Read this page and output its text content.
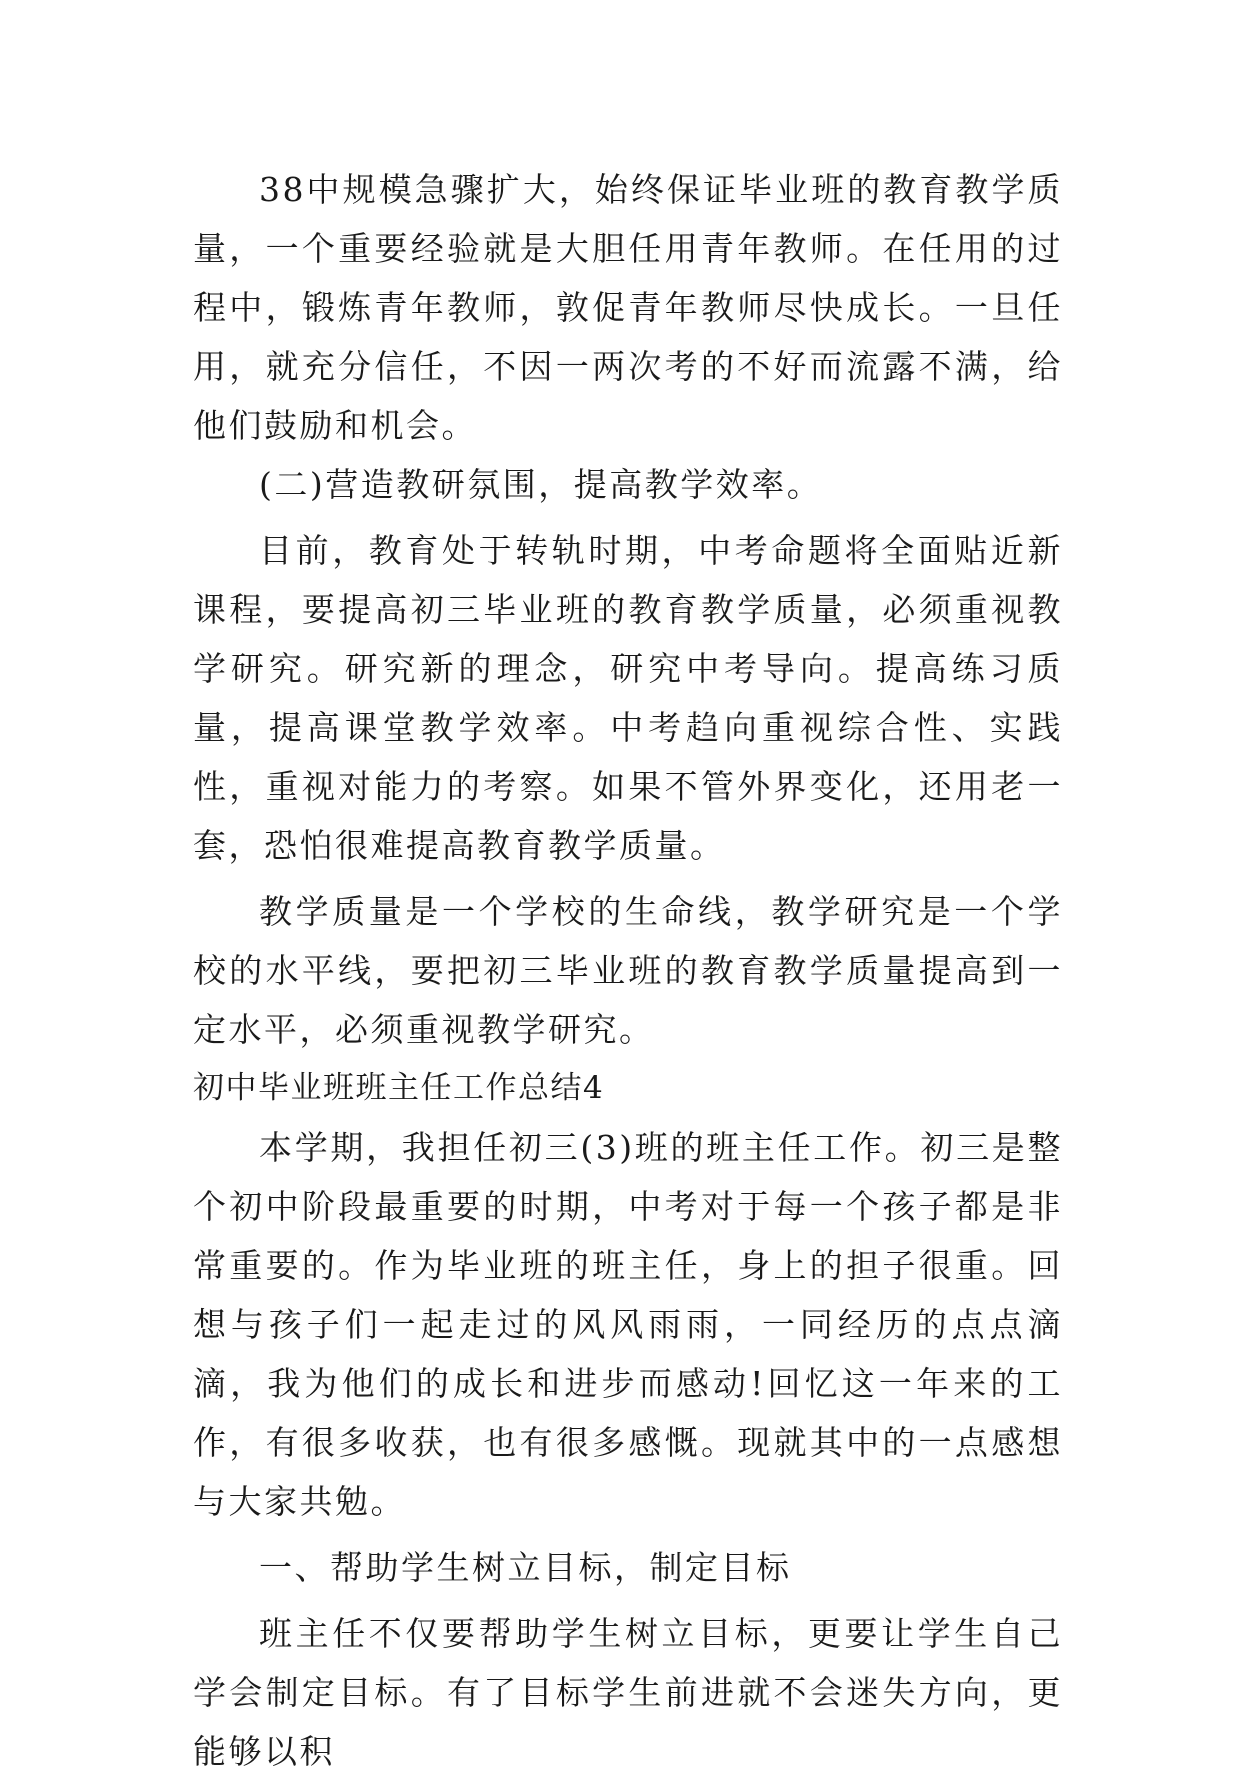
38中规模急骤扩大，始终保证毕业班的教育教学质量，一个重要经验就是大胆任用青年教师。在任用的过程中，锻炼青年教师，敦促青年教师尽快成长。一旦任用，就充分信任，不因一两次考的不好而流露不满，给他们鼓励和机会。

(二)营造教研氛围，提高教学效率。

目前，教育处于转轨时期，中考命题将全面贴近新课程，要提高初三毕业班的教育教学质量，必须重视教学研究。研究新的理念，研究中考导向。提高练习质量，提高课堂教学效率。中考趋向重视综合性、实践性，重视对能力的考察。如果不管外界变化，还用老一套，恐怕很难提高教育教学质量。

教学质量是一个学校的生命线，教学研究是一个学校的水平线，要把初三毕业班的教育教学质量提高到一定水平，必须重视教学研究。

初中毕业班班主任工作总结4

本学期，我担任初三(3)班的班主任工作。初三是整个初中阶段最重要的时期，中考对于每一个孩子都是非常重要的。作为毕业班的班主任，身上的担子很重。回想与孩子们一起走过的风风雨雨，一同经历的点点滴滴，我为他们的成长和进步而感动!回忆这一年来的工作，有很多收获，也有很多感慨。现就其中的一点感想与大家共勉。

一、帮助学生树立目标，制定目标

班主任不仅要帮助学生树立目标，更要让学生自己学会制定目标。有了目标学生前进就不会迷失方向，更能够以积
